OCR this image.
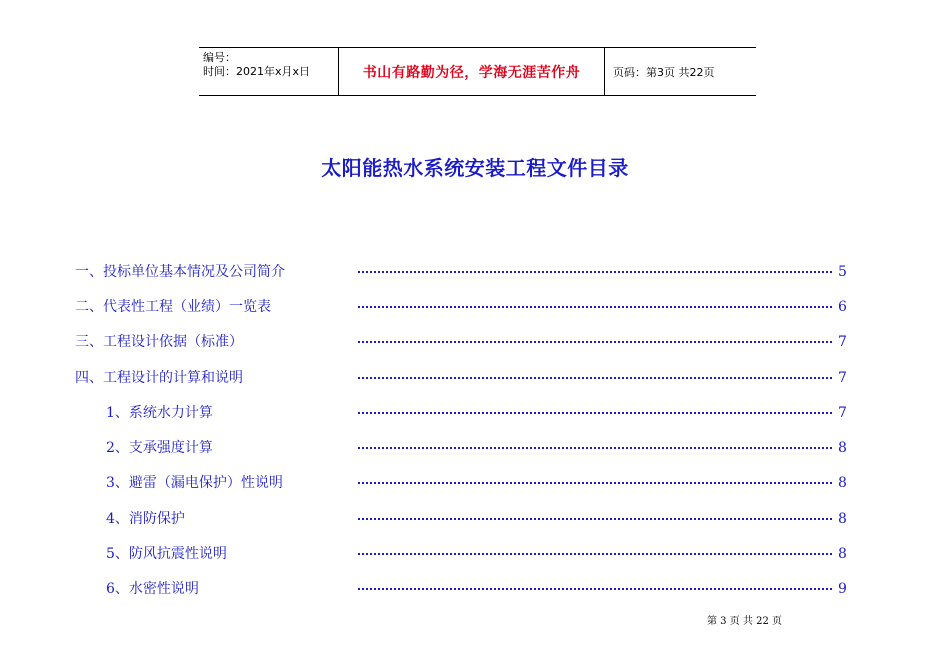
编号：
时间：2021年x月x日	书山有路勤为径，学海无涯苦作舟	页码：第3页 共22页
太阳能热水系统安装工程文件目录
一、投标单位基本情况及公司简介	5
二、代表性工程（业绩）一览表	6
三、工程设计依据（标准）	7
四、工程设计的计算和说明	7
1、系统水力计算	7
2、支承强度计算	8
3、避雷（漏电保护）性说明	8
4、消防保护	8
5、防风抗震性说明	8
6、水密性说明	9
第 3 页 共 22 页
